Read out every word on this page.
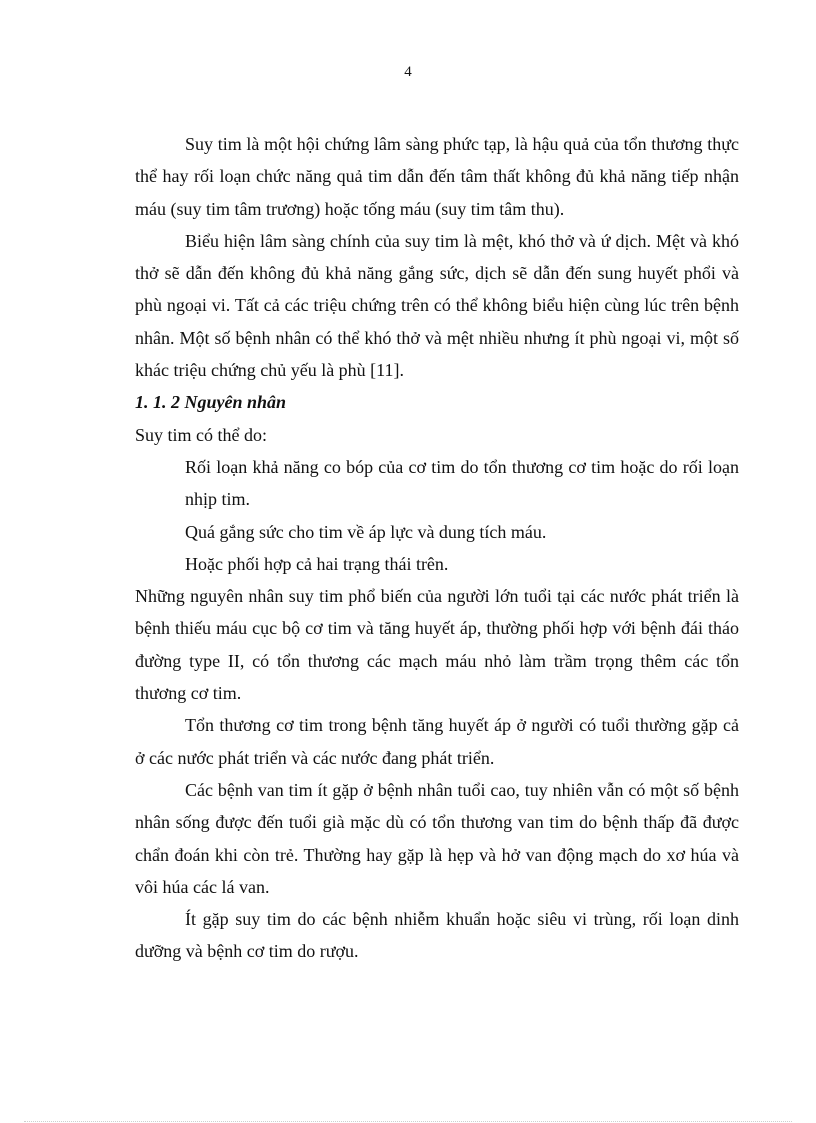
4

Suy tim là một hội chứng lâm sàng phức tạp, là hậu quả của tổn thương thực thể hay rối loạn chức năng quả tim dẫn đến tâm thất không đủ khả năng tiếp nhận máu (suy tim tâm trương) hoặc tống máu (suy tim tâm thu).

Biểu hiện lâm sàng chính của suy tim là mệt, khó thở và ứ dịch. Mệt và khó thở sẽ dẫn đến không đủ khả năng gắng sức, dịch sẽ dẫn đến sung huyết phổi và phù ngoại vi. Tất cả các triệu chứng trên có thể không biểu hiện cùng lúc trên bệnh nhân. Một số bệnh nhân có thể khó thở và mệt nhiều nhưng ít phù ngoại vi, một số khác triệu chứng chủ yếu là phù [11].

1. 1. 2 Nguyên nhân

Suy tim có thể do:

Rối loạn khả năng co bóp của cơ tim do tổn thương cơ tim hoặc do rối loạn nhịp tim.

Quá gắng sức cho tim về áp lực và dung tích máu.

Hoặc phối hợp cả hai trạng thái trên.

Những nguyên nhân suy tim phổ biến của người lớn tuổi tại các nước phát triển là bệnh thiếu máu cục bộ cơ tim và tăng huyết áp, thường phối hợp với bệnh đái tháo đường type II, có tổn thương các mạch máu nhỏ làm trầm trọng thêm các tổn thương cơ tim.

Tổn thương cơ tim trong bệnh tăng huyết áp ở người có tuổi thường gặp cả ở các nước phát triển và các nước đang phát triển.

Các bệnh van tim ít gặp ở bệnh nhân tuổi cao, tuy nhiên vẫn có một số bệnh nhân sống được đến tuổi già mặc dù có tổn thương van tim do bệnh thấp đã được chẩn đoán khi còn trẻ. Thường hay gặp là hẹp và hở van động mạch do xơ húa và vôi húa các lá van.

Ít gặp suy tim do các bệnh nhiễm khuẩn hoặc siêu vi trùng, rối loạn dinh dưỡng và bệnh cơ tim do rượu.
